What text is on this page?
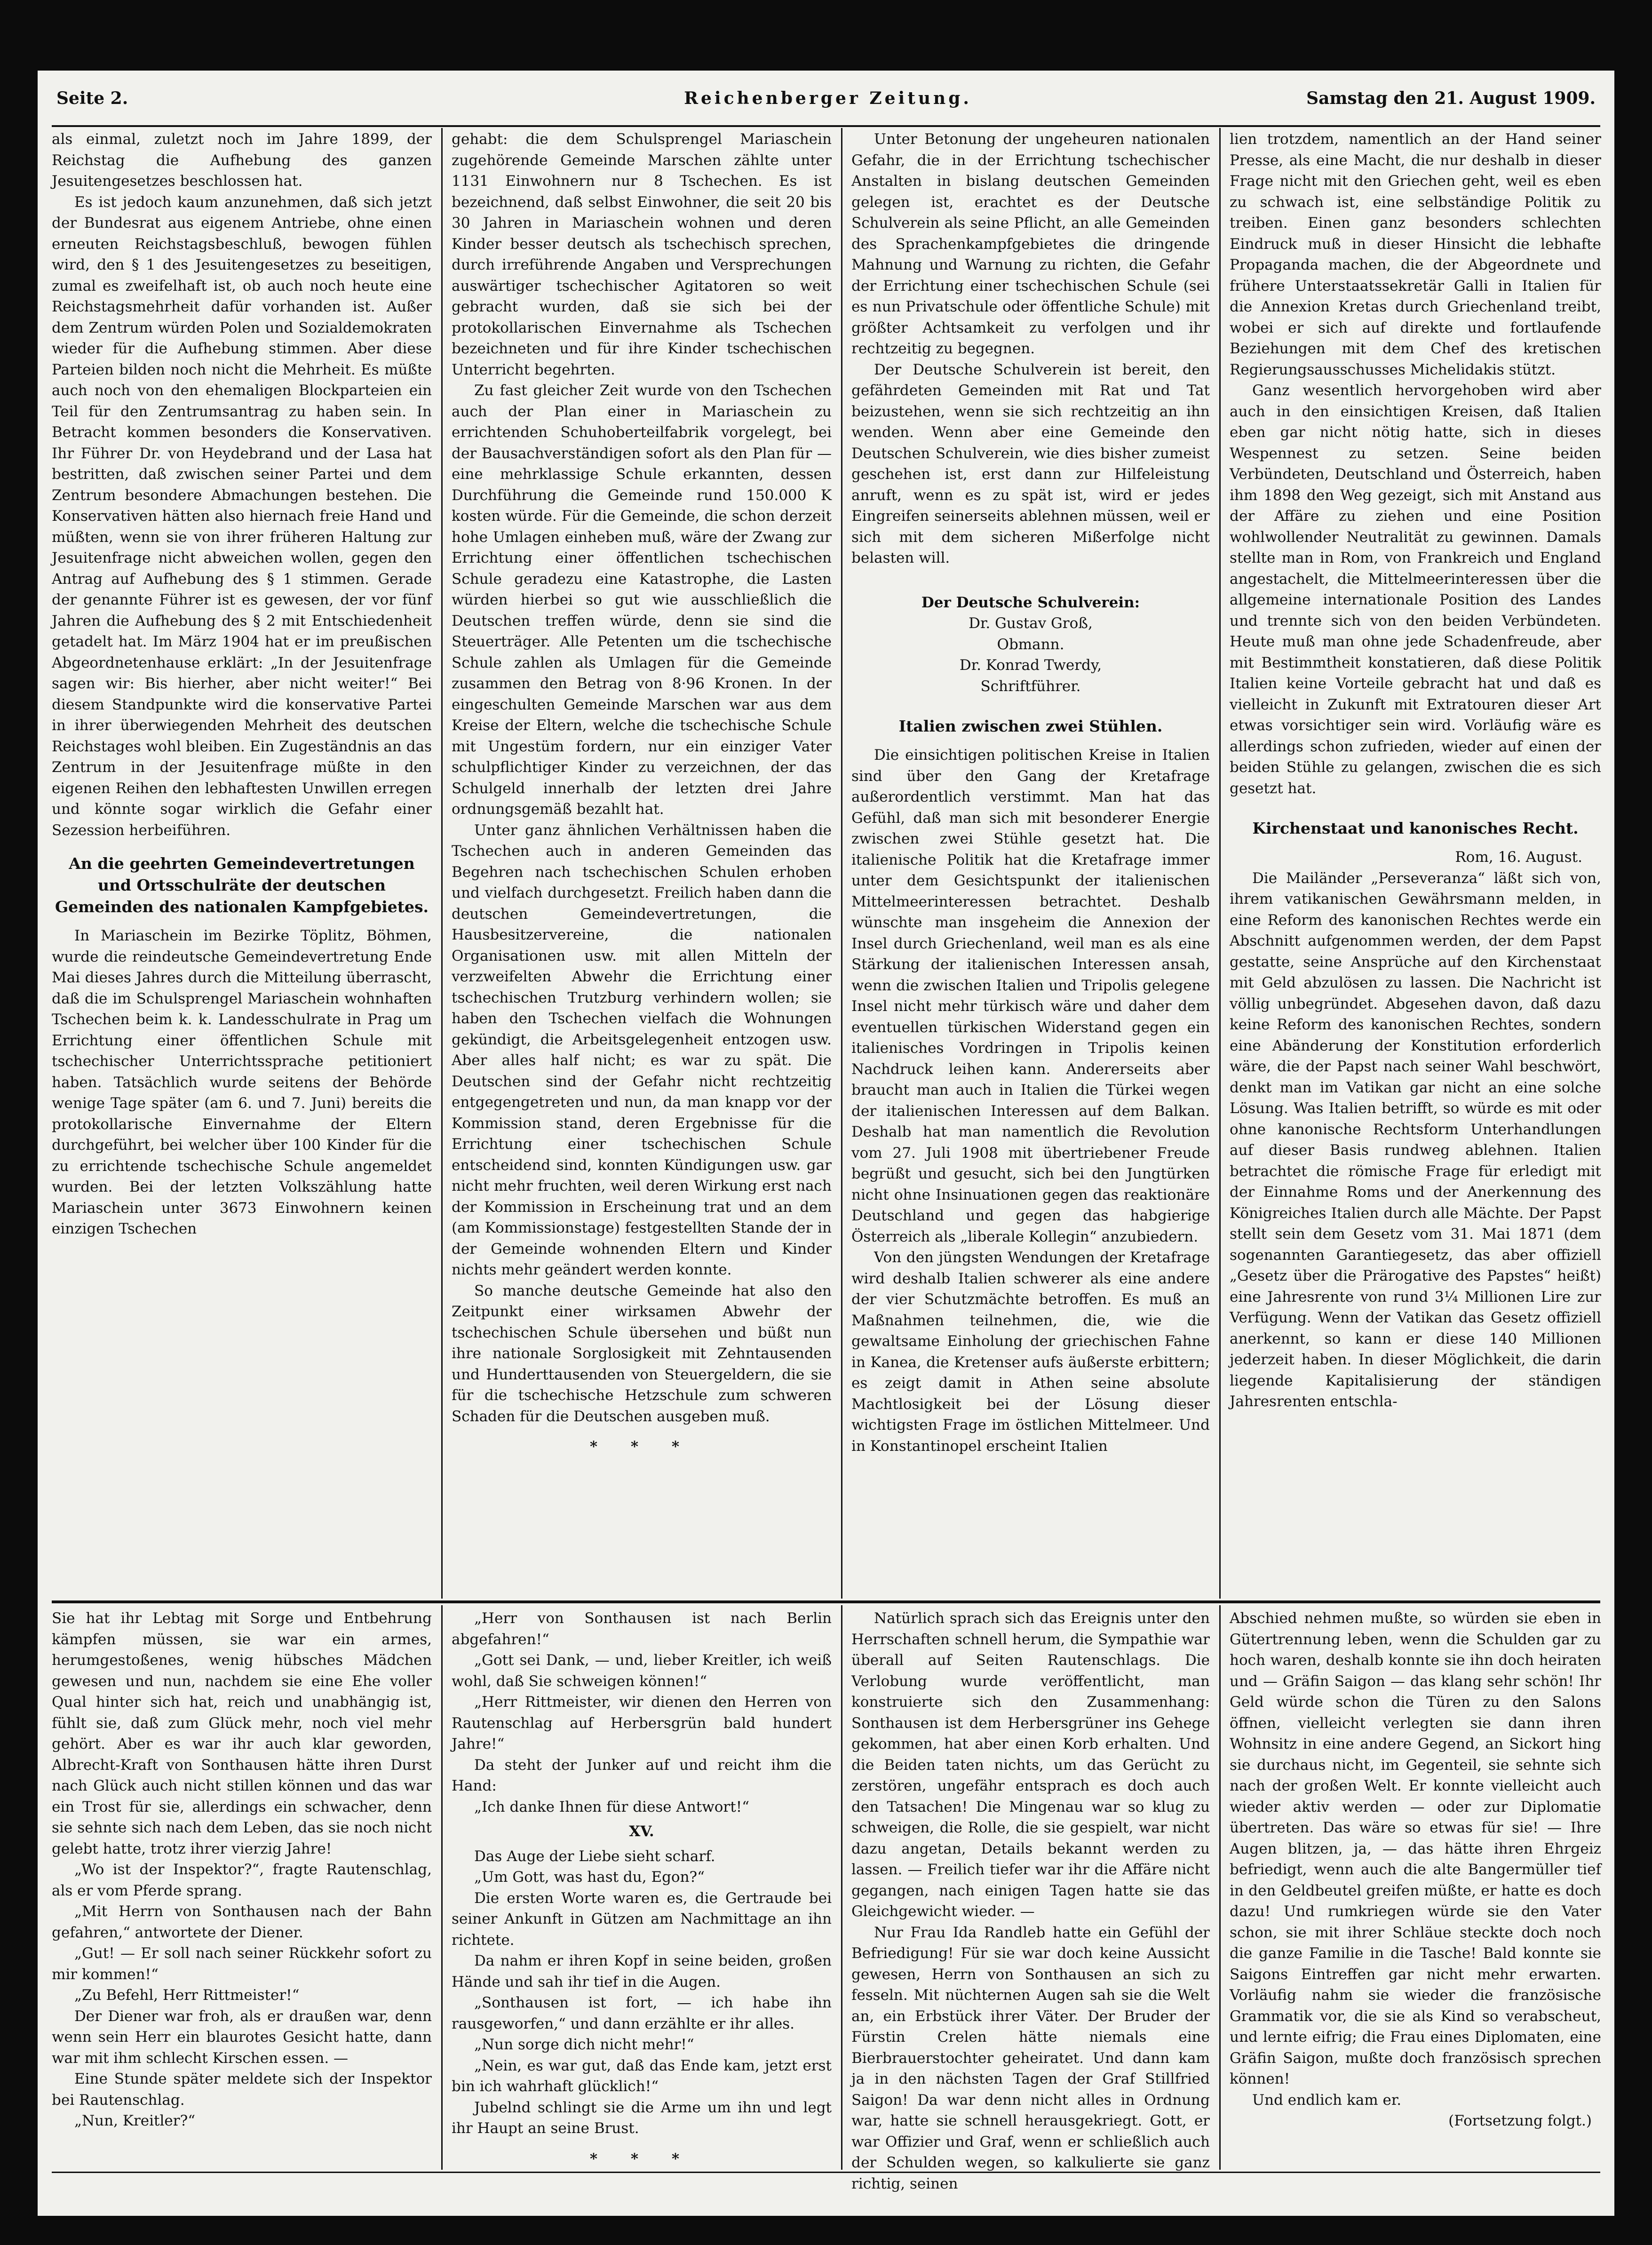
Seite 2.	Reichenberger Zeitung.	Samstag den 21. August 1909.

als einmal, zuletzt noch im Jahre 1899, der Reichstag die Aufhebung des ganzen Jesuitengesetzes beschlossen hat.

Es ist jedoch kaum anzunehmen, daß sich jetzt der Bundesrat aus eigenem Antriebe, ohne einen erneuten Reichstagsbeschluß, bewogen fühlen wird, den § 1 des Jesuitengesetzes zu beseitigen, zumal es zweifelhaft ist, ob auch noch heute eine Reichstagsmehrheit dafür vorhanden ist. Außer dem Zentrum würden Polen und Sozialdemokraten wieder für die Aufhebung stimmen. Aber diese Parteien bilden noch nicht die Mehrheit. Es müßte auch noch von den ehemaligen Blockparteien ein Teil für den Zentrumsantrag zu haben sein. In Betracht kommen besonders die Konservativen. Ihr Führer Dr. von Heydebrand und der Lasa hat bestritten, daß zwischen seiner Partei und dem Zentrum besondere Abmachungen bestehen. Die Konservativen hätten also hiernach freie Hand und müßten, wenn sie von ihrer früheren Haltung zur Jesuitenfrage nicht abweichen wollen, gegen den Antrag auf Aufhebung des § 1 stimmen. Gerade der genannte Führer ist es gewesen, der vor fünf Jahren die Aufhebung des § 2 mit Entschiedenheit getadelt hat. Im März 1904 hat er im preußischen Abgeordnetenhause erklärt: „In der Jesuitenfrage sagen wir: Bis hierher, aber nicht weiter!“ Bei diesem Standpunkte wird die konservative Partei in ihrer überwiegenden Mehrheit des deutschen Reichstages wohl bleiben. Ein Zugeständnis an das Zentrum in der Jesuitenfrage müßte in den eigenen Reihen den lebhaftesten Unwillen erregen und könnte sogar wirklich die Gefahr einer Sezession herbeiführen.

An die geehrten Gemeindevertretungen und Ortsschulräte der deutschen Gemeinden des nationalen Kampfgebietes.

In Mariaschein im Bezirke Töplitz, Böhmen, wurde die reindeutsche Gemeindevertretung Ende Mai dieses Jahres durch die Mitteilung überrascht, daß die im Schulsprengel Mariaschein wohnhaften Tschechen beim k. k. Landesschulrate in Prag um Errichtung einer öffentlichen Schule mit tschechischer Unterrichtssprache petitioniert haben. Tatsächlich wurde seitens der Behörde wenige Tage später (am 6. und 7. Juni) bereits die protokollarische Einvernahme der Eltern durchgeführt, bei welcher über 100 Kinder für die zu errichtende tschechische Schule angemeldet wurden. Bei der letzten Volkszählung hatte Mariaschein unter 3673 Einwohnern keinen einzigen Tschechen

gehabt: die dem Schulsprengel Mariaschein zugehörende Gemeinde Marschen zählte unter 1131 Einwohnern nur 8 Tschechen. Es ist bezeichnend, daß selbst Einwohner, die seit 20 bis 30 Jahren in Mariaschein wohnen und deren Kinder besser deutsch als tschechisch sprechen, durch irreführende Angaben und Versprechungen auswärtiger tschechischer Agitatoren so weit gebracht wurden, daß sie sich bei der protokollarischen Einvernahme als Tschechen bezeichneten und für ihre Kinder tschechischen Unterricht begehrten.

Zu fast gleicher Zeit wurde von den Tschechen auch der Plan einer in Mariaschein zu errichtenden Schuhoberteilfabrik vorgelegt, bei der Bausachverständigen sofort als den Plan für — eine mehrklassige Schule erkannten, dessen Durchführung die Gemeinde rund 150.000 K kosten würde. Für die Gemeinde, die schon derzeit hohe Umlagen einheben muß, wäre der Zwang zur Errichtung einer öffentlichen tschechischen Schule geradezu eine Katastrophe, die Lasten würden hierbei so gut wie ausschließlich die Deutschen treffen würde, denn sie sind die Steuerträger. Alle Petenten um die tschechische Schule zahlen als Umlagen für die Gemeinde zusammen den Betrag von 8·96 Kronen. In der eingeschulten Gemeinde Marschen war aus dem Kreise der Eltern, welche die tschechische Schule mit Ungestüm fordern, nur ein einziger Vater schulpflichtiger Kinder zu verzeichnen, der das Schulgeld innerhalb der letzten drei Jahre ordnungsgemäß bezahlt hat.

Unter ganz ähnlichen Verhältnissen haben die Tschechen auch in anderen Gemeinden das Begehren nach tschechischen Schulen erhoben und vielfach durchgesetzt. Freilich haben dann die deutschen Gemeindevertretungen, die Hausbesitzervereine, die nationalen Organisationen usw. mit allen Mitteln der verzweifelten Abwehr die Errichtung einer tschechischen Trutzburg verhindern wollen; sie haben den Tschechen vielfach die Wohnungen gekündigt, die Arbeitsgelegenheit entzogen usw. Aber alles half nicht; es war zu spät. Die Deutschen sind der Gefahr nicht rechtzeitig entgegengetreten und nun, da man knapp vor der Kommission stand, deren Ergebnisse für die Errichtung einer tschechischen Schule entscheidend sind, konnten Kündigungen usw. gar nicht mehr fruchten, weil deren Wirkung erst nach der Kommission in Erscheinung trat und an dem (am Kommissionstage) festgestellten Stande der in der Gemeinde wohnenden Eltern und Kinder nichts mehr geändert werden konnte.

So manche deutsche Gemeinde hat also den Zeitpunkt einer wirksamen Abwehr der tschechischen Schule übersehen und büßt nun ihre nationale Sorglosigkeit mit Zehntausenden und Hunderttausenden von Steuergeldern, die sie für die tschechische Hetzschule zum schweren Schaden für die Deutschen ausgeben muß.

* * *

Unter Betonung der ungeheuren nationalen Gefahr, die in der Errichtung tschechischer Anstalten in bislang deutschen Gemeinden gelegen ist, erachtet es der Deutsche Schulverein als seine Pflicht, an alle Gemeinden des Sprachenkampfgebietes die dringende Mahnung und Warnung zu richten, die Gefahr der Errichtung einer tschechischen Schule (sei es nun Privatschule oder öffentliche Schule) mit größter Achtsamkeit zu verfolgen und ihr rechtzeitig zu begegnen.

Der Deutsche Schulverein ist bereit, den gefährdeten Gemeinden mit Rat und Tat beizustehen, wenn sie sich rechtzeitig an ihn wenden. Wenn aber eine Gemeinde den Deutschen Schulverein, wie dies bisher zumeist geschehen ist, erst dann zur Hilfeleistung anruft, wenn es zu spät ist, wird er jedes Eingreifen seinerseits ablehnen müssen, weil er sich mit dem sicheren Mißerfolge nicht belasten will.

Der Deutsche Schulverein:
Dr. Gustav Groß,
Obmann.
Dr. Konrad Twerdy,
Schriftführer.
Italien zwischen zwei Stühlen.

Die einsichtigen politischen Kreise in Italien sind über den Gang der Kretafrage außerordentlich verstimmt. Man hat das Gefühl, daß man sich mit besonderer Energie zwischen zwei Stühle gesetzt hat. Die italienische Politik hat die Kretafrage immer unter dem Gesichtspunkt der italienischen Mittelmeerinteressen betrachtet. Deshalb wünschte man insgeheim die Annexion der Insel durch Griechenland, weil man es als eine Stärkung der italienischen Interessen ansah, wenn die zwischen Italien und Tripolis gelegene Insel nicht mehr türkisch wäre und daher dem eventuellen türkischen Widerstand gegen ein italienisches Vordringen in Tripolis keinen Nachdruck leihen kann. Andererseits aber braucht man auch in Italien die Türkei wegen der italienischen Interessen auf dem Balkan. Deshalb hat man namentlich die Revolution vom 27. Juli 1908 mit übertriebener Freude begrüßt und gesucht, sich bei den Jungtürken nicht ohne Insinuationen gegen das reaktionäre Deutschland und gegen das habgierige Österreich als „liberale Kollegin“ anzubiedern.

Von den jüngsten Wendungen der Kretafrage wird deshalb Italien schwerer als eine andere der vier Schutzmächte betroffen. Es muß an Maßnahmen teilnehmen, die, wie die gewaltsame Einholung der griechischen Fahne in Kanea, die Kretenser aufs äußerste erbittern; es zeigt damit in Athen seine absolute Machtlosigkeit bei der Lösung dieser wichtigsten Frage im östlichen Mittelmeer. Und in Konstantinopel erscheint Italien

lien trotzdem, namentlich an der Hand seiner Presse, als eine Macht, die nur deshalb in dieser Frage nicht mit den Griechen geht, weil es eben zu schwach ist, eine selbständige Politik zu treiben. Einen ganz besonders schlechten Eindruck muß in dieser Hinsicht die lebhafte Propaganda machen, die der Abgeordnete und frühere Unterstaatssekretär Galli in Italien für die Annexion Kretas durch Griechenland treibt, wobei er sich auf direkte und fortlaufende Beziehungen mit dem Chef des kretischen Regierungsausschusses Michelidakis stützt.

Ganz wesentlich hervorgehoben wird aber auch in den einsichtigen Kreisen, daß Italien eben gar nicht nötig hatte, sich in dieses Wespennest zu setzen. Seine beiden Verbündeten, Deutschland und Österreich, haben ihm 1898 den Weg gezeigt, sich mit Anstand aus der Affäre zu ziehen und eine Position wohlwollender Neutralität zu gewinnen. Damals stellte man in Rom, von Frankreich und England angestachelt, die Mittelmeerinteressen über die allgemeine internationale Position des Landes und trennte sich von den beiden Verbündeten. Heute muß man ohne jede Schadenfreude, aber mit Bestimmtheit konstatieren, daß diese Politik Italien keine Vorteile gebracht hat und daß es vielleicht in Zukunft mit Extratouren dieser Art etwas vorsichtiger sein wird. Vorläufig wäre es allerdings schon zufrieden, wieder auf einen der beiden Stühle zu gelangen, zwischen die es sich gesetzt hat.

Kirchenstaat und kanonisches Recht.
Rom, 16. August.

Die Mailänder „Perseveranza“ läßt sich von, ihrem vatikanischen Gewährsmann melden, in eine Reform des kanonischen Rechtes werde ein Abschnitt aufgenommen werden, der dem Papst gestatte, seine Ansprüche auf den Kirchenstaat mit Geld abzulösen zu lassen. Die Nachricht ist völlig unbegründet. Abgesehen davon, daß dazu keine Reform des kanonischen Rechtes, sondern eine Abänderung der Konstitution erforderlich wäre, die der Papst nach seiner Wahl beschwört, denkt man im Vatikan gar nicht an eine solche Lösung. Was Italien betrifft, so würde es mit oder ohne kanonische Rechtsform Unterhandlungen auf dieser Basis rundweg ablehnen. Italien betrachtet die römische Frage für erledigt mit der Einnahme Roms und der Anerkennung des Königreiches Italien durch alle Mächte. Der Papst stellt sein dem Gesetz vom 31. Mai 1871 (dem sogenannten Garantiegesetz, das aber offiziell „Gesetz über die Prärogative des Papstes“ heißt) eine Jahresrente von rund 3¼ Millionen Lire zur Verfügung. Wenn der Vatikan das Gesetz offiziell anerkennt, so kann er diese 140 Millionen jederzeit haben. In dieser Möglichkeit, die darin liegende Kapitalisierung der ständigen Jahresrenten entschla-

Sie hat ihr Lebtag mit Sorge und Entbehrung kämpfen müssen, sie war ein armes, herumgestoßenes, wenig hübsches Mädchen gewesen und nun, nachdem sie eine Ehe voller Qual hinter sich hat, reich und unabhängig ist, fühlt sie, daß zum Glück mehr, noch viel mehr gehört. Aber es war ihr auch klar geworden, Albrecht-Kraft von Sonthausen hätte ihren Durst nach Glück auch nicht stillen können und das war ein Trost für sie, allerdings ein schwacher, denn sie sehnte sich nach dem Leben, das sie noch nicht gelebt hatte, trotz ihrer vierzig Jahre!

„Wo ist der Inspektor?“, fragte Rautenschlag, als er vom Pferde sprang.

„Mit Herrn von Sonthausen nach der Bahn gefahren,“ antwortete der Diener.

„Gut! — Er soll nach seiner Rückkehr sofort zu mir kommen!“

„Zu Befehl, Herr Rittmeister!“

Der Diener war froh, als er draußen war, denn wenn sein Herr ein blaurotes Gesicht hatte, dann war mit ihm schlecht Kirschen essen. —

Eine Stunde später meldete sich der Inspektor bei Rautenschlag.

„Nun, Kreitler?“

„Herr von Sonthausen ist nach Berlin abgefahren!“

„Gott sei Dank, — und, lieber Kreitler, ich weiß wohl, daß Sie schweigen können!“

„Herr Rittmeister, wir dienen den Herren von Rautenschlag auf Herbersgrün bald hundert Jahre!“

Da steht der Junker auf und reicht ihm die Hand:

„Ich danke Ihnen für diese Antwort!“

XV.

Das Auge der Liebe sieht scharf.

„Um Gott, was hast du, Egon?“

Die ersten Worte waren es, die Gertraude bei seiner Ankunft in Gützen am Nachmittage an ihn richtete.

Da nahm er ihren Kopf in seine beiden, großen Hände und sah ihr tief in die Augen.

„Sonthausen ist fort, — ich habe ihn rausgeworfen,“ und dann erzählte er ihr alles.

„Nun sorge dich nicht mehr!“

„Nein, es war gut, daß das Ende kam, jetzt erst bin ich wahrhaft glücklich!“

Jubelnd schlingt sie die Arme um ihn und legt ihr Haupt an seine Brust.

* * *

Natürlich sprach sich das Ereignis unter den Herrschaften schnell herum, die Sympathie war überall auf Seiten Rautenschlags. Die Verlobung wurde veröffentlicht, man konstruierte sich den Zusammenhang: Sonthausen ist dem Herbersgrüner ins Gehege gekommen, hat aber einen Korb erhalten. Und die Beiden taten nichts, um das Gerücht zu zerstören, ungefähr entsprach es doch auch den Tatsachen! Die Mingenau war so klug zu schweigen, die Rolle, die sie gespielt, war nicht dazu angetan, Details bekannt werden zu lassen. — Freilich tiefer war ihr die Affäre nicht gegangen, nach einigen Tagen hatte sie das Gleichgewicht wieder. —

Nur Frau Ida Randleb hatte ein Gefühl der Befriedigung! Für sie war doch keine Aussicht gewesen, Herrn von Sonthausen an sich zu fesseln. Mit nüchternen Augen sah sie die Welt an, ein Erbstück ihrer Väter. Der Bruder der Fürstin Crelen hätte niemals eine Bierbrauerstochter geheiratet. Und dann kam ja in den nächsten Tagen der Graf Stillfried Saigon! Da war denn nicht alles in Ordnung war, hatte sie schnell herausgekriegt. Gott, er war Offizier und Graf, wenn er schließlich auch der Schulden wegen, so kalkulierte sie ganz richtig, seinen

Abschied nehmen mußte, so würden sie eben in Gütertrennung leben, wenn die Schulden gar zu hoch waren, deshalb konnte sie ihn doch heiraten und — Gräfin Saigon — das klang sehr schön! Ihr Geld würde schon die Türen zu den Salons öffnen, vielleicht verlegten sie dann ihren Wohnsitz in eine andere Gegend, an Sickort hing sie durchaus nicht, im Gegenteil, sie sehnte sich nach der großen Welt. Er konnte vielleicht auch wieder aktiv werden — oder zur Diplomatie übertreten. Das wäre so etwas für sie! — Ihre Augen blitzen, ja, — das hätte ihren Ehrgeiz befriedigt, wenn auch die alte Bangermüller tief in den Geldbeutel greifen müßte, er hatte es doch dazu! Und rumkriegen würde sie den Vater schon, sie mit ihrer Schläue steckte doch noch die ganze Familie in die Tasche! Bald konnte sie Saigons Eintreffen gar nicht mehr erwarten. Vorläufig nahm sie wieder die französische Grammatik vor, die sie als Kind so verabscheut, und lernte eifrig; die Frau eines Diplomaten, eine Gräfin Saigon, mußte doch französisch sprechen können!

Und endlich kam er.

(Fortsetzung folgt.)
